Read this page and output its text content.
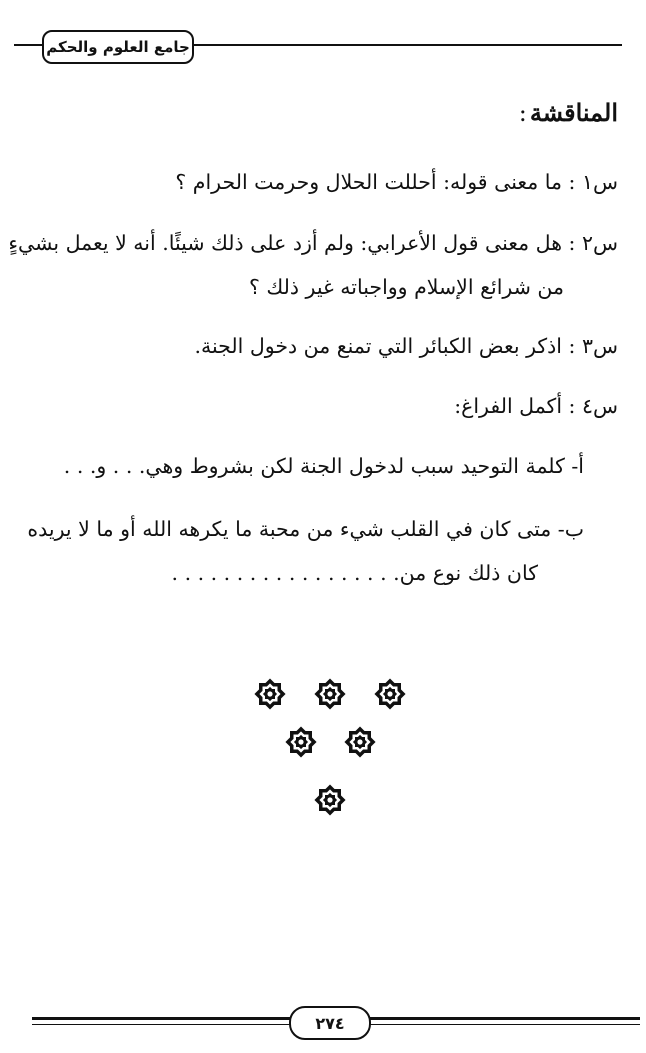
جامع العلوم والحكم
المناقشة:
س١ : ما معنى قوله: أحللت الحلال وحرمت الحرام ؟
س٢ : هل معنى قول الأعرابي: ولم أزد على ذلك شيئًا. أنه لا يعمل بشيءٍ
من شرائع الإسلام وواجباته غير ذلك ؟
س٣ : اذكر بعض الكبائر التي تمنع من دخول الجنة.
س٤ : أكمل الفراغ:
أ- كلمة التوحيد سبب لدخول الجنة لكن بشروط وهي. . . و. . .
ب- متى كان في القلب شيء من محبة ما يكرهه الله أو ما لا يريده
كان ذلك نوع من. . . . . . . . . . . . . . . . . .
٢٧٤
